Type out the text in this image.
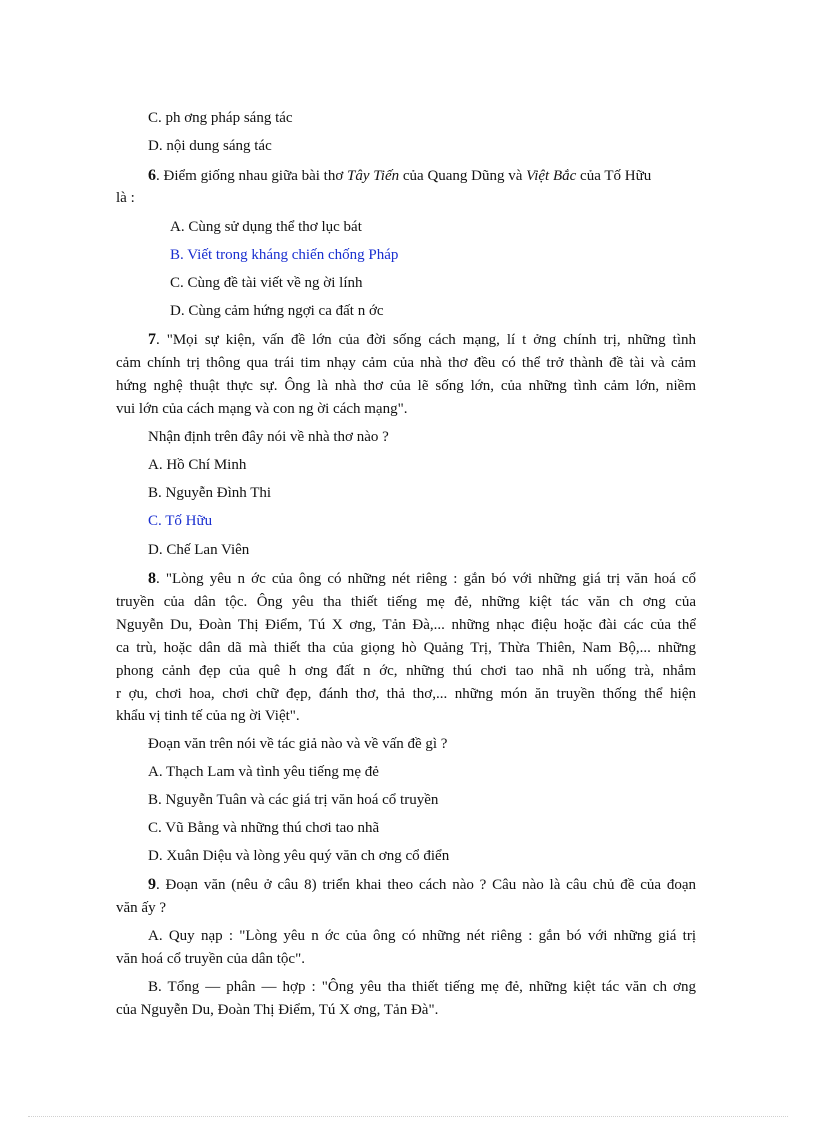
C. ph ơng pháp sáng tác
D. nội dung sáng tác
6. Điểm giống nhau giữa bài thơ Tây Tiến của Quang Dũng và Việt Bắc của Tố Hữu
là :
A. Cùng sử dụng thể thơ lục bát
B. Viết trong kháng chiến chống Pháp
C. Cùng đề tài viết về ng ời lính
D. Cùng cảm hứng ngợi ca đất n ớc
7. "Mọi sự kiện, vấn đề lớn của đời sống cách mạng, lí t ởng chính trị, những tình
cảm chính trị thông qua trái tim nhạy cảm của nhà thơ đều có thể trở thành đề tài và cảm
hứng nghệ thuật thực sự. Ông là nhà thơ của lẽ sống lớn, của những tình cảm lớn, niềm
vui lớn của cách mạng và con ng ời cách mạng".
Nhận định trên đây nói về nhà thơ nào ?
A. Hồ Chí Minh
B. Nguyễn Đình Thi
C. Tố Hữu
D. Chế Lan Viên
8. "Lòng yêu n ớc của ông có những nét riêng : gắn bó với những giá trị văn hoá cổ
truyền của dân tộc. Ông yêu tha thiết tiếng mẹ đẻ, những kiệt tác văn ch ơng của
Nguyễn Du, Đoàn Thị Điểm, Tú X ơng, Tản Đà,... những nhạc điệu hoặc đài các của thể
ca trù, hoặc dân dã mà thiết tha của giọng hò Quảng Trị, Thừa Thiên, Nam Bộ,... những
phong cảnh đẹp của quê h ơng đất n ớc, những thú chơi tao nhã nh uống trà, nhắm
r ợu, chơi hoa, chơi chữ đẹp, đánh thơ, thả thơ,... những món ăn truyền thống thể hiện
khẩu vị tinh tế của ng ời Việt".
Đoạn văn trên nói về tác giả nào và về vấn đề gì ?
A. Thạch Lam và tình yêu tiếng mẹ đẻ
B. Nguyễn Tuân và các giá trị văn hoá cổ truyền
C. Vũ Bằng và những thú chơi tao nhã
D. Xuân Diệu và lòng yêu quý văn ch ơng cổ điển
9. Đoạn văn (nêu ở câu 8) triển khai theo cách nào ? Câu nào là câu chủ đề của đoạn
văn ấy ?
A. Quy nạp : "Lòng yêu n ớc của ông có những nét riêng : gắn bó với những giá trị
văn hoá cổ truyền của dân tộc".
B. Tổng — phân — hợp : "Ông yêu tha thiết tiếng mẹ đẻ, những kiệt tác văn ch ơng
của Nguyễn Du, Đoàn Thị Điểm, Tú X ơng, Tản Đà".
